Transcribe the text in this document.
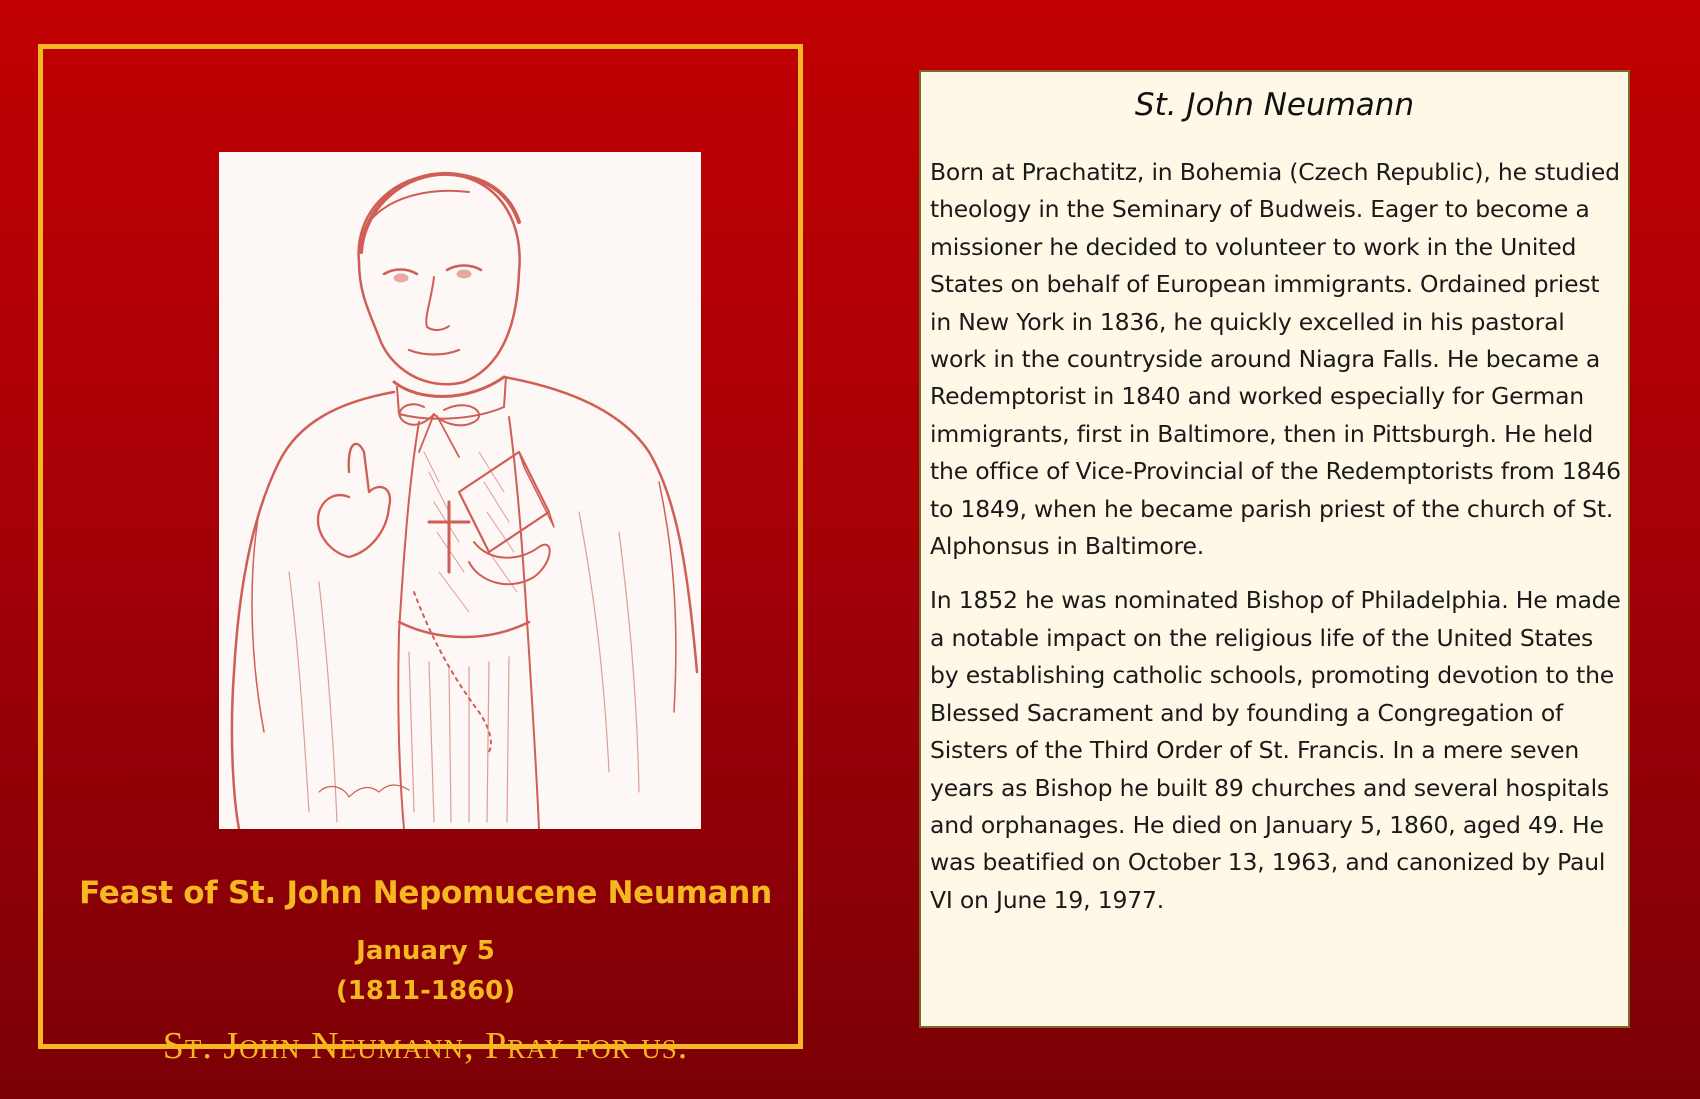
Feast of St. John Nepomucene Neumann
January 5
(1811-1860)
St. John Neumann, Pray for us.
St. John Neumann

Born at Prachatitz, in Bohemia (Czech Republic), he studied theology in the Seminary of Budweis. Eager to become a missioner he decided to volunteer to work in the United States on behalf of European immigrants. Ordained priest in New York in 1836, he quickly excelled in his pastoral work in the countryside around Niagra Falls. He became a Redemptorist in 1840 and worked especially for German immigrants, first in Baltimore, then in Pittsburgh. He held the office of Vice-Provincial of the Redemptorists from 1846 to 1849, when he became parish priest of the church of St. Alphonsus in Baltimore.

In 1852 he was nominated Bishop of Philadelphia. He made a notable impact on the religious life of the United States by establishing catholic schools, promoting devotion to the Blessed Sacrament and by founding a Congregation of Sisters of the Third Order of St. Francis. In a mere seven years as Bishop he built 89 churches and several hospitals and orphanages. He died on January 5, 1860, aged 49. He was beatified on October 13, 1963, and canonized by Paul VI on June 19, 1977.
